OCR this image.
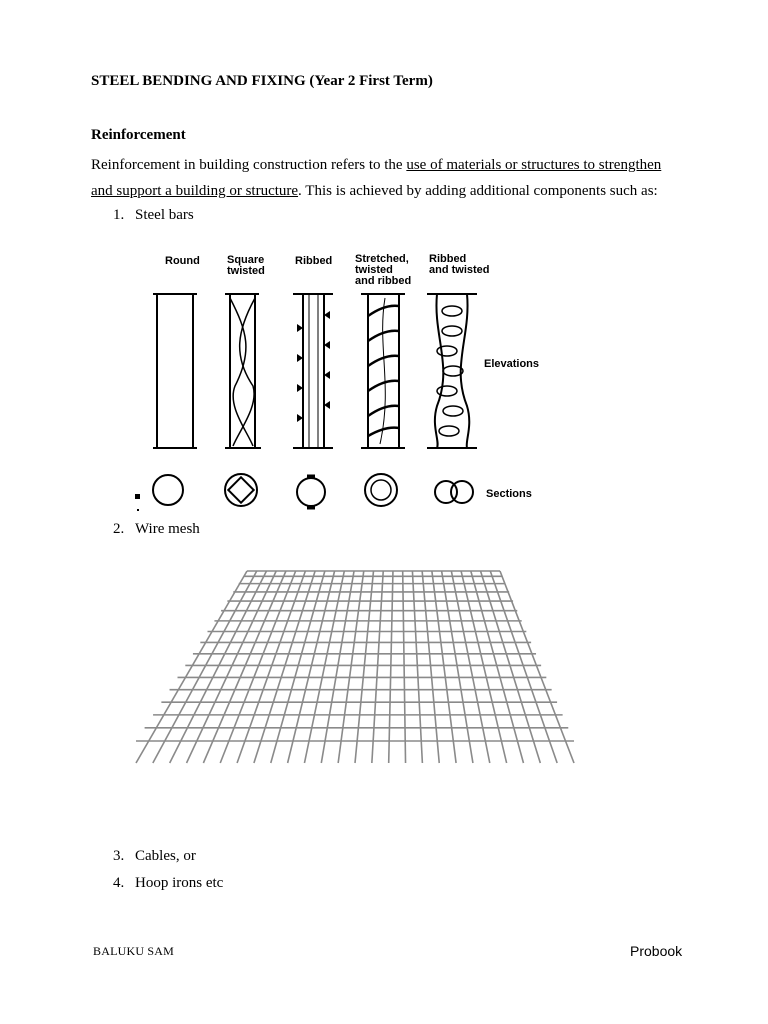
STEEL BENDING AND FIXING (Year 2 First Term)
Reinforcement
Reinforcement in building construction refers to the use of materials or structures to strengthen
and support a building or structure. This is achieved by adding additional components such as:
1. Steel bars
Round Square
twisted
Ribbed Stretched,
twisted
and ribbed
Ribbed
and twisted
Elevations
Sections
2. Wire mesh
3. Cables, or
4. Hoop irons etc
BALUKU SAM	Probook
